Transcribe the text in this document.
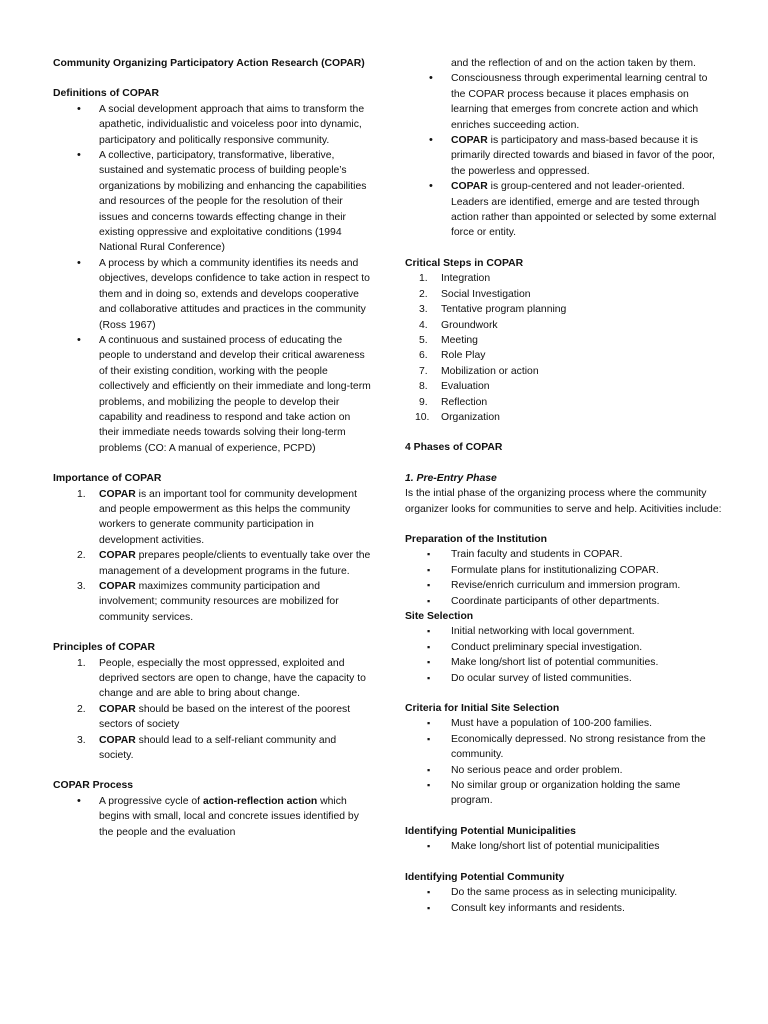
Community Organizing Participatory Action Research (COPAR)

Definitions of COPAR

• A social development approach that aims to transform the apathetic, individualistic and voiceless poor into dynamic, participatory and politically responsive community.
• A collective, participatory, transformative, liberative, sustained and systematic process of building people’s organizations by mobilizing and enhancing the capabilities and resources of the people for the resolution of their issues and concerns towards effecting change in their existing oppressive and exploitative conditions (1994 National Rural Conference)
• A process by which a community identifies its needs and objectives, develops confidence to take action in respect to them and in doing so, extends and develops cooperative and collaborative attitudes and practices in the community (Ross 1967)
• A continuous and sustained process of educating the people to understand and develop their critical awareness of their existing condition, working with the people collectively and efficiently on their immediate and long-term problems, and mobilizing the people to develop their capability and readiness to respond and take action on their immediate needs towards solving their long-term problems (CO: A manual of experience, PCPD)

Importance of COPAR

1. COPAR is an important tool for community development and people empowerment as this helps the community workers to generate community participation in development activities.
2. COPAR prepares people/clients to eventually take over the management of a development programs in the future.
3. COPAR maximizes community participation and involvement; community resources are mobilized for community services.

Principles of COPAR

1. People, especially the most oppressed, exploited and deprived sectors are open to change, have the capacity to change and are able to bring about change.
2. COPAR should be based on the interest of the poorest sectors of society
3. COPAR should lead to a self-reliant community and society.

COPAR Process

• A progressive cycle of action-reflection action which begins with small, local and concrete issues identified by the people and the evaluation
and the reflection of and on the action taken by them.
• Consciousness through experimental learning central to the COPAR process because it places emphasis on learning that emerges from concrete action and which enriches succeeding action.
• COPAR is participatory and mass-based because it is primarily directed towards and biased in favor of the poor, the powerless and oppressed.
• COPAR is group-centered and not leader-oriented. Leaders are identified, emerge and are tested through action rather than appointed or selected by some external force or entity.

Critical Steps in COPAR

1. Integration
2. Social Investigation
3. Tentative program planning
4. Groundwork
5. Meeting
6. Role Play
7. Mobilization or action
8. Evaluation
9. Reflection
10. Organization

4 Phases of COPAR

1. Pre-Entry Phase

Is the intial phase of the organizing process where the community organizer looks for communities to serve and help. Acitivities include:

Preparation of the Institution

▪ Train faculty and students in COPAR.
▪ Formulate plans for institutionalizing COPAR.
▪ Revise/enrich curriculum and immersion program.
▪ Coordinate participants of other departments.

Site Selection

▪ Initial networking with local government.
▪ Conduct preliminary special investigation.
▪ Make long/short list of potential communities.
▪ Do ocular survey of listed communities.

Criteria for Initial Site Selection

▪ Must have a population of 100-200 families.
▪ Economically depressed. No strong resistance from the community.
▪ No serious peace and order problem.
▪ No similar group or organization holding the same program.

Identifying Potential Municipalities

▪ Make long/short list of potential municipalities

Identifying Potential Community

▪ Do the same process as in selecting municipality.
▪ Consult key informants and residents.
